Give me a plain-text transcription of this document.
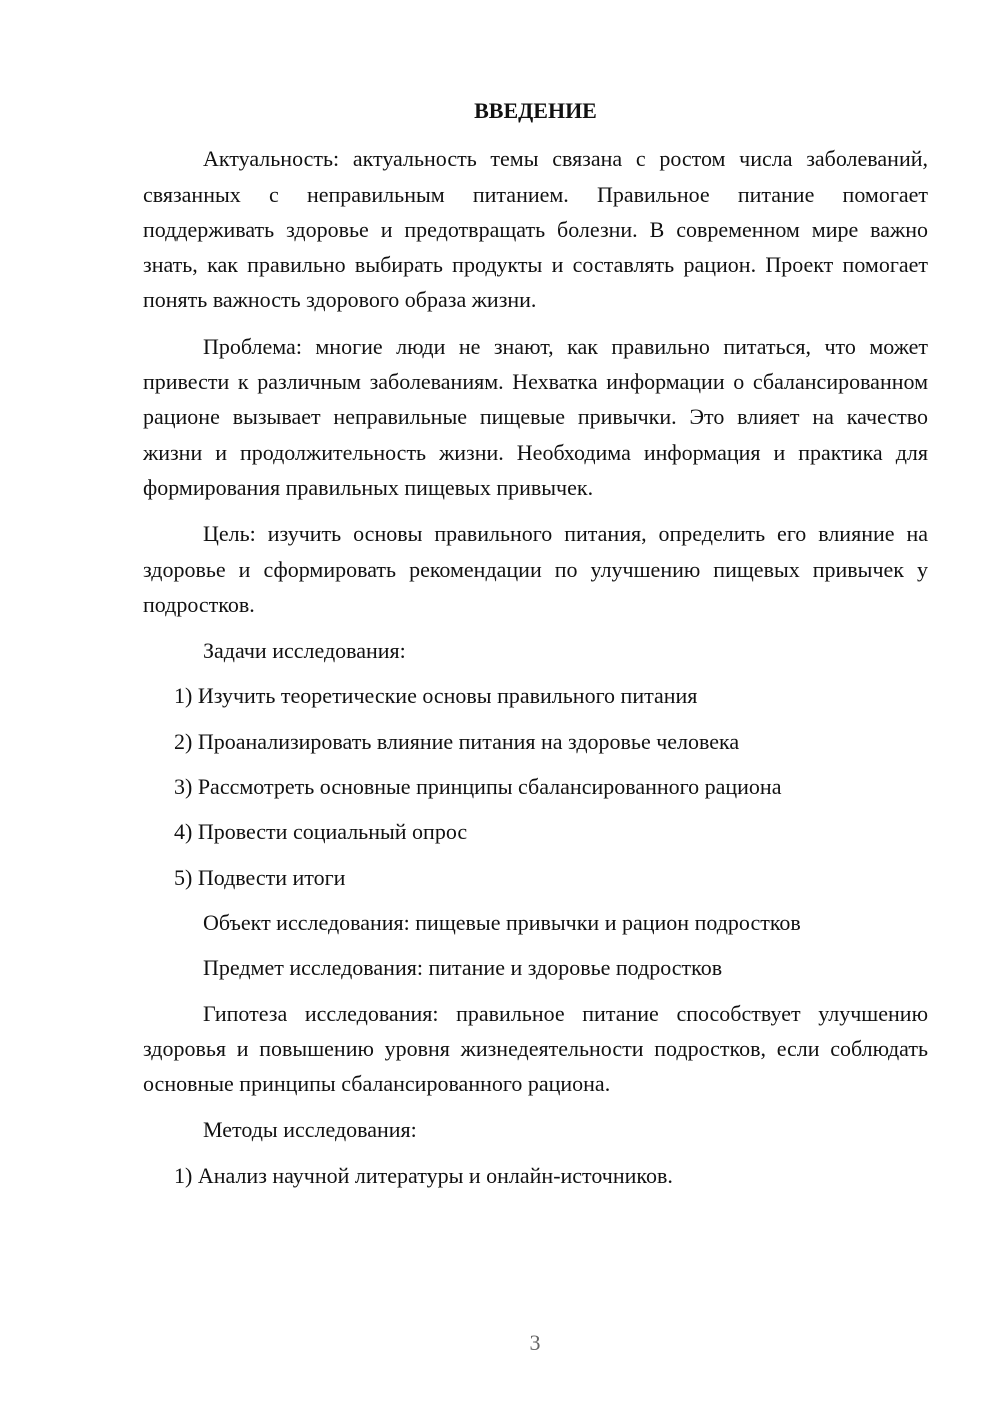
ВВЕДЕНИЕ

Актуальность: актуальность темы связана с ростом числа заболеваний, связанных с неправильным питанием. Правильное питание помогает поддерживать здоровье и предотвращать болезни. В современном мире важно знать, как правильно выбирать продукты и составлять рацион. Проект помогает понять важность здорового образа жизни.

Проблема: многие люди не знают, как правильно питаться, что может привести к различным заболеваниям. Нехватка информации о сбалансированном рационе вызывает неправильные пищевые привычки. Это влияет на качество жизни и продолжительность жизни. Необходима информация и практика для формирования правильных пищевых привычек.

Цель: изучить основы правильного питания, определить его влияние на здоровье и сформировать рекомендации по улучшению пищевых привычек у подростков.

Задачи исследования:

1) Изучить теоретические основы правильного питания

2) Проанализировать влияние питания на здоровье человека

3) Рассмотреть основные принципы сбалансированного рациона

4) Провести социальный опрос

5) Подвести итоги

Объект исследования: пищевые привычки и рацион подростков

Предмет исследования: питание и здоровье подростков

Гипотеза исследования: правильное питание способствует улучшению здоровья и повышению уровня жизнедеятельности подростков, если соблюдать основные принципы сбалансированного рациона.

Методы исследования:

1) Анализ научной литературы и онлайн-источников.

3
